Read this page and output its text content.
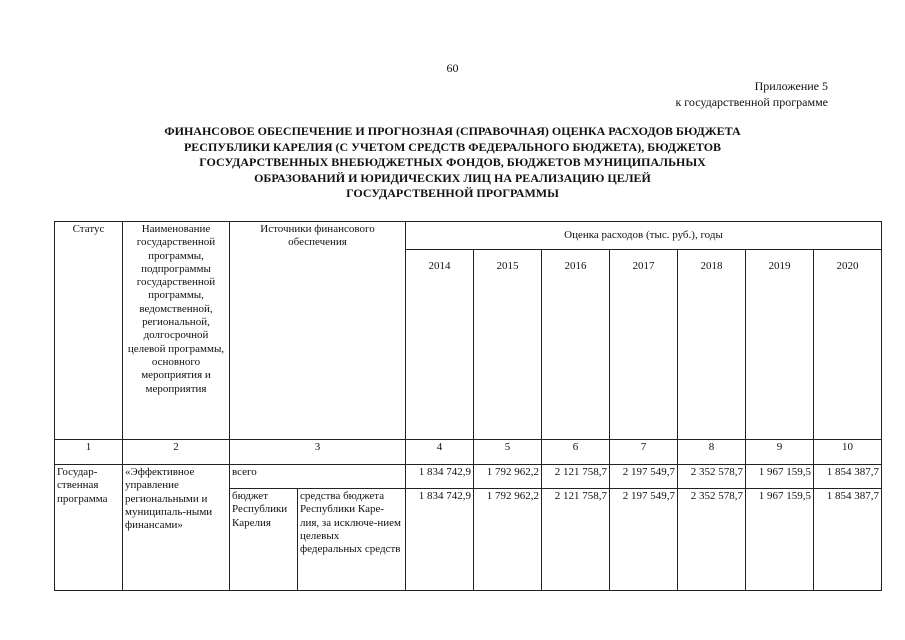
60
Приложение 5
к государственной программе
ФИНАНСОВОЕ ОБЕСПЕЧЕНИЕ И ПРОГНОЗНАЯ (СПРАВОЧНАЯ) ОЦЕНКА РАСХОДОВ БЮДЖЕТА
РЕСПУБЛИКИ КАРЕЛИЯ (С УЧЕТОМ СРЕДСТВ ФЕДЕРАЛЬНОГО БЮДЖЕТА), БЮДЖЕТОВ
ГОСУДАРСТВЕННЫХ ВНЕБЮДЖЕТНЫХ ФОНДОВ, БЮДЖЕТОВ МУНИЦИПАЛЬНЫХ
ОБРАЗОВАНИЙ И ЮРИДИЧЕСКИХ ЛИЦ НА РЕАЛИЗАЦИЮ ЦЕЛЕЙ
ГОСУДАРСТВЕННОЙ ПРОГРАММЫ
Статус	Наименование государственной программы, подпрограммы государственной программы, ведомственной, региональной, долгосрочной целевой программы, основного мероприятия и мероприятия	Источники финансового обеспечения		Оценка расходов (тыс. руб.), годы						
				2014	2015	2016	2017	2018	2019	2020
1	2	3		4	5	6	7	8	9	10
Государ-ственная программа	«Эффективное управление региональными и муниципаль-ными финансами»	всего		1 834 742,9	1 792 962,2	2 121 758,7	2 197 549,7	2 352 578,7	1 967 159,5	1 854 387,7
		бюджет Республики Карелия	средства бюджета Республики Каре-лия, за исключе-нием целевых федеральных средств	1 834 742,9	1 792 962,2	2 121 758,7	2 197 549,7	2 352 578,7	1 967 159,5	1 854 387,7
